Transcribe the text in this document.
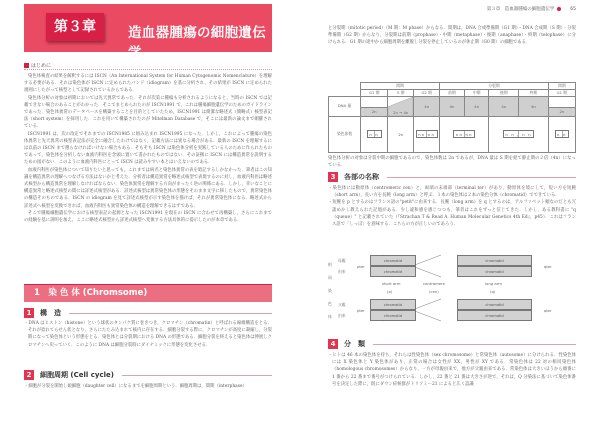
第３章	造血器腫瘍の細胞遺伝学
はじめに

染色体検査の結果を解釈するには ISCN（An International System for Human Cytogenomic Nomenclature）を理解する必要がある．それは染色体が ISCN に定められたバンド（idiogram）を基に分析され，その結果が ISCN に定められた規則にしたがって核型として記録されているからである．

染色体分析の対象は初期においては先天異常であった．それが次第に腫瘍も分析されるようになると，当時の ISCN では記載できない場合のあることがわかった．そこでまとめられたのが ISCN1991 で，これは腫瘍細胞遺伝学のためのガイドラインであった．染色体異常のデータベースを構築することを目的としていたため，ISCN1991 は簡潔な略述式（簡略式）核型表記法（short system）を採用した．これを用いて構築されたのが Mitelman Database で，そこには最新の論文まで網羅されている．

ISCN1991 は，次の改定でそれまでの ISCN1985 に組み込まれ ISCN1995 になった．しかし，これによって腫瘍の染色体異常と先天異常の核型表記法が完全に融合したわけではなく，記載方法には異なる場合がある．最新の ISCN を理解するには以前の ISCN まで遡らなければいけない場合もある．そもそも ISCN は染色体分析を実践している人のために作られたものであって，染色体を分析しない血液内科医を念頭に置いて書かれたものではない．その証拠に ISCN には構造異常を説明するための図がない．このように血液内科医にとって ISCN は読みやすい本とはいえないのである．

血液内科医が染色体について知りたいと思っても，これまでは病名と染色体異常の表を暗記するしかなかった．筆者はこの知識を構造異常の理解へつなげる方法はないかと考えた．分析者は構造異常を略述式核型で表現するのに対し，血液内科医は略述式核型から構造異常を理解しなければならない．染色体異常を理解する方向がまったく逆の関係にある．しかし，幸いなことに構造異常と略述式核型の間には詳述式核型がある．詳述式核型は異常染色体の形態をそのまま文字に移したもので，異常染色体の構造そのものである．ISCN の idiogram を見て詳述式核型が示す染色体を描けば，それが異常染色体になる．略述式から詳述式へ核型を変換できれば，血液内科医も異常染色体の構造を理解できるはずである．

そこで腫瘍細胞遺伝学における核型表記の起源となった ISCN1991 を現在の ISCN に合わせて再構築し，さらにこれまでの経験を基に説明を加え，ここに略述式核型から詳述式核型へ変換する方法具体的に提示したのが本章である．

1　染 色 体 (Chromsome)
1	構　造

・DNA はヒストン（histone）という球状のタンパク質に巻きつき，クロマチン（chromatin）と呼ばれる線維構造をとる．それが捻れてらせん状となり，さらにたたみ込まれて核内に存在する．細胞分裂する際に，クロマチンが高度に凝縮し，分裂期になって染色体という形態をとる．染色体とは分裂期における DNA の形態である．細胞分裂を終えると染色体は伸展しクロマチンへ戻っていく．このように DNA は細胞分裂時にダイナミックに形態を変化させる．

2	細胞周期 (Cell cycle)

・細胞が分裂を開始し娘細胞（daughter cell）になるまでを細胞周期という．細胞周期は，間期（interphase）

第３章　造血器腫瘍の細胞遺伝学	65
と分裂期（mitotic period）（M 期：M phase）からなる．間期は，DNA 合成準備期（G1 期）・DNA 合成期（S 期）・分裂準備期（G2 期）からなり，分裂期は前期（prophase）・中期（metaphase）・後期（anaphase）・終期（telophase）に分けられる．G1 期の途中から細胞周期を離脱し分裂を停止しているのが休止期（G0 期）の細胞である．
	間期			分裂期				間期
	G1 期	S 期	G2 期	前期	中期	後期	終期	G1 期
DNA 量	2n	2n → 4n	4n	4n	4n	4n	4n	2n

染色体数	n n	2n	nn nn	nn nn		n n / n n		n n
染色体分析の対象は分裂中期の細胞であるので，染色体数は 2n であるが，DNA 量は S 期を経て静止期の２倍（4n）になっている．
3	各部の名称

・染色体には動原体（centromeric cen）と，両端の末端部（terminal ter）があり，動原体を境にして，短い方を短腕（short arm），長い方を長腕（long arm）と呼ぶ．１本の染色体は２本の染色分体（chromatid）でできている．

・短腕を p とするのはフランス語の"petit"に由来する．長腕（long arm）を q とするのは，アルファベット順なのだとも冗談めかし教えられた記憶がある．少し違和感を感じつつも，筆者はこれをずっと信じてきた．しかし，ある教科書に "q（queue）" と記載されていた（『Strachan T & Read A. Human Molecular Genetics 4th Ed』，p45）．これはフランス語で「しっぽ」を意味する．こちらの方が正しいのであろう．

相
同
染
色
体
母親
由来
父親
由来
pter
pter
qter
qter
chromatid
chromatid
chromatid
chromatid
short arm
(p)
centromere
(cen)
long arm
(q)
chromatid
chromatid
chromatid
chromatid
4	分　類

・ヒトは 46 本の染色体を持ち，それらは性染色体（sex chromosome）と常染色体（autosome）に分けられる．性染色体には X 染色体と Y 染色体があり，正常の場合は女性が XX，男性が XY である．常染色体は 22 対の相同染色体（homologous chromosomes）からなり，一方が母親由来で，他方が父親由来である．常染色体は大きいほうから順番に 1 番から 22 番まで番号がつけられている．しかし，22 番と 21 番は大きさが逆で，それは，Q 分染法に基づいて染色体番号を決定した際に，既にダウン症候群がトリソミー21 によると広く認識
